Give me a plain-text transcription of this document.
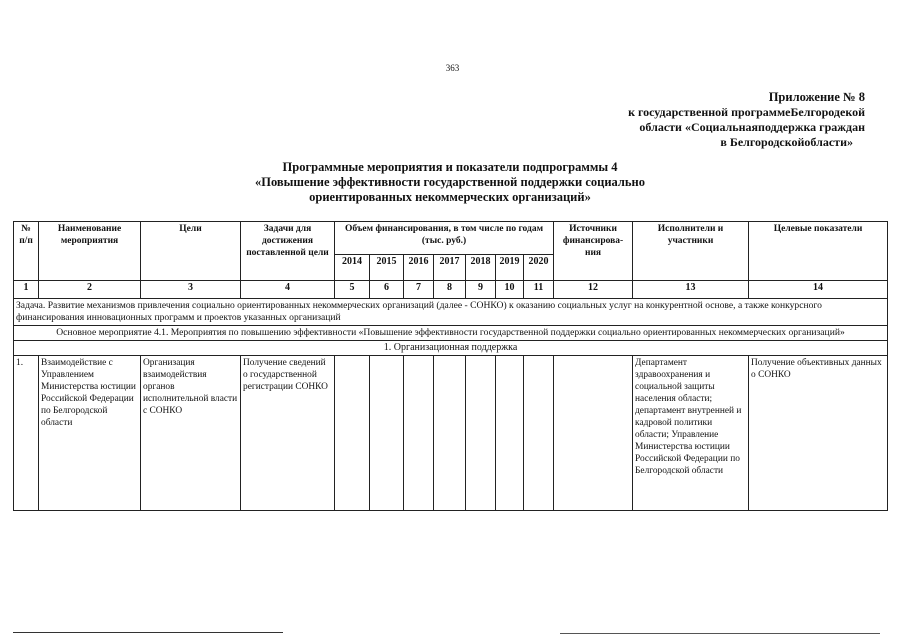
363
Приложение № 8
к государственной программеБелгородекой
области «Социальнаяподдержка граждан
в Белгородскойобласти»
Программные мероприятия и показатели подпрограммы 4
«Повышение эффективности государственной поддержки социально
ориентированных некоммерческих организаций»
№ п/п	Наименование мероприятия	Цели	Задачи для достижения поставленной цели	Объем финансирования, в том числе по годам (тыс. руб.)							Источники финансирова-ния	Исполнители и участники	Целевые показатели
				2014	2015	2016	2017	2018	2019	2020			
1	2	3	4	5	6	7	8	9	10	11	12	13	14
Задача. Развитие механизмов привлечения социально ориентированных некоммерческих организаций (далее - СОНКО) к оказанию социальных услуг на конкурентной основе, а также конкурсного финансирования инновационных программ и проектов указанных организаций													
Основное мероприятие 4.1. Мероприятия по повышению эффективности «Повышение эффективности государственной поддержки социально ориентированных некоммерческих организаций»													
1. Организационная поддержка													
1.	Взаимодействие с Управлением Министерства юстиции Российской Федерации по Белгородской области	Организация взаимодействия органов исполнительной власти с СОНКО	Получение сведений о государственной регистрации СОНКО									Департамент здравоохранения и социальной защиты населения области; департамент внутренней и кадровой политики области; Управление Министерства юстиции Российской Федерации по Белгородской области	Получение объективных данных о СОНКО
